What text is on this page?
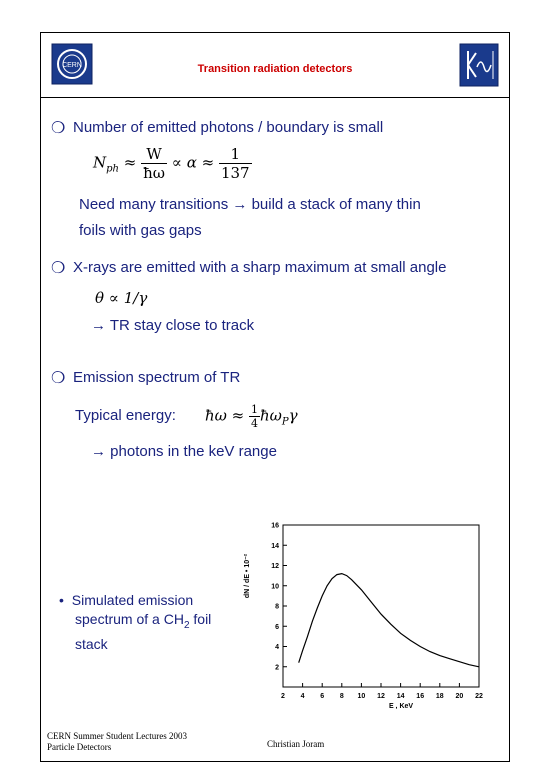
CERN	Transition radiation detectors
❍ Number of emitted photons / boundary is small
$N_{ph} \approx \frac{W}{ħ\omega} \propto \alpha \approx \frac{1}{137}$
Need many transitions → build a stack of many thin
foils with gas gaps
❍ X-rays are emitted with a sharp maximum at small angle
θ ∝ 1/γ
→ TR stay close to track
❍ Emission spectrum of TR
Typical energy: ħω ≈ $\frac{1}{4}$ $ħ\omega_P\gamma$
→ photons in the keV range
• Simulated emission
spectrum of a $CH_2$ foil
stack
2 4 6 8 10 12 14 16 18 20 22
2
4
6
8
10
12
14
16
E , KeV
dN / dE • 10⁻²
CERN Summer Student Lectures 2003
Particle Detectors	Christian Joram
